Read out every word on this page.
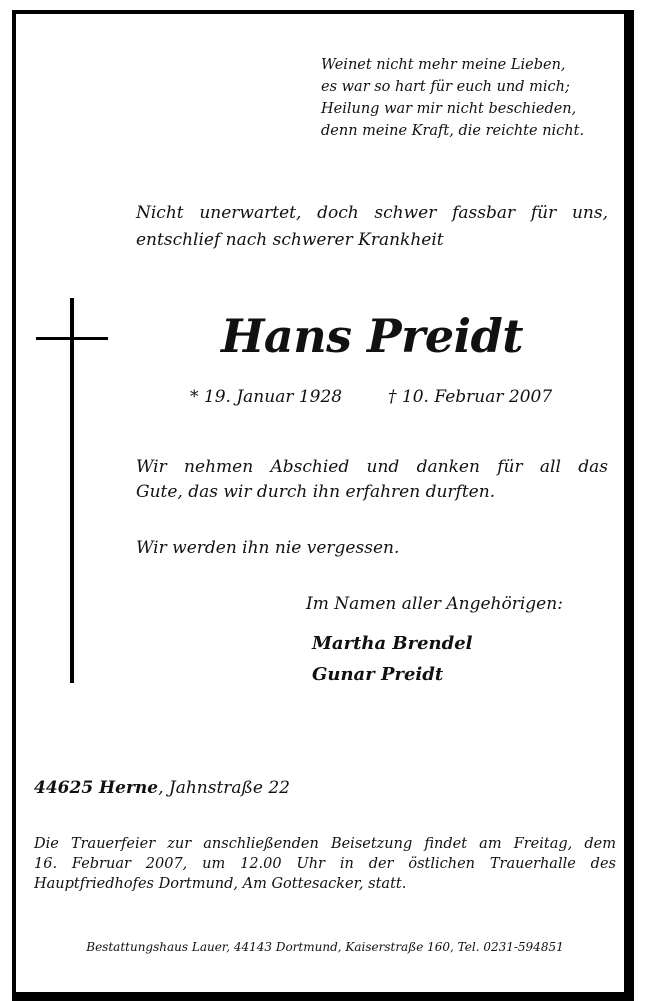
Weinet nicht mehr meine Lieben,
es war so hart für euch und mich;
Heilung war mir nicht beschieden,
denn meine Kraft, die reichte nicht.
Nicht unerwartet, doch schwer fassbar für uns,
entschlief nach schwerer Krankheit
Hans Preidt
* 19. Januar 1928	† 10. Februar 2007
Wir nehmen Abschied und danken für all das
Gute, das wir durch ihn erfahren durften.
Wir werden ihn nie vergessen.
Im Namen aller Angehörigen:
Martha Brendel
Gunar Preidt
44625 Herne, Jahnstraße 22
Die Trauerfeier zur anschließenden Beisetzung findet am Freitag, dem
16. Februar 2007, um 12.00 Uhr in der östlichen Trauerhalle des
Hauptfriedhofes Dortmund, Am Gottesacker, statt.
Bestattungshaus Lauer, 44143 Dortmund, Kaiserstraße 160, Tel. 0231-594851
